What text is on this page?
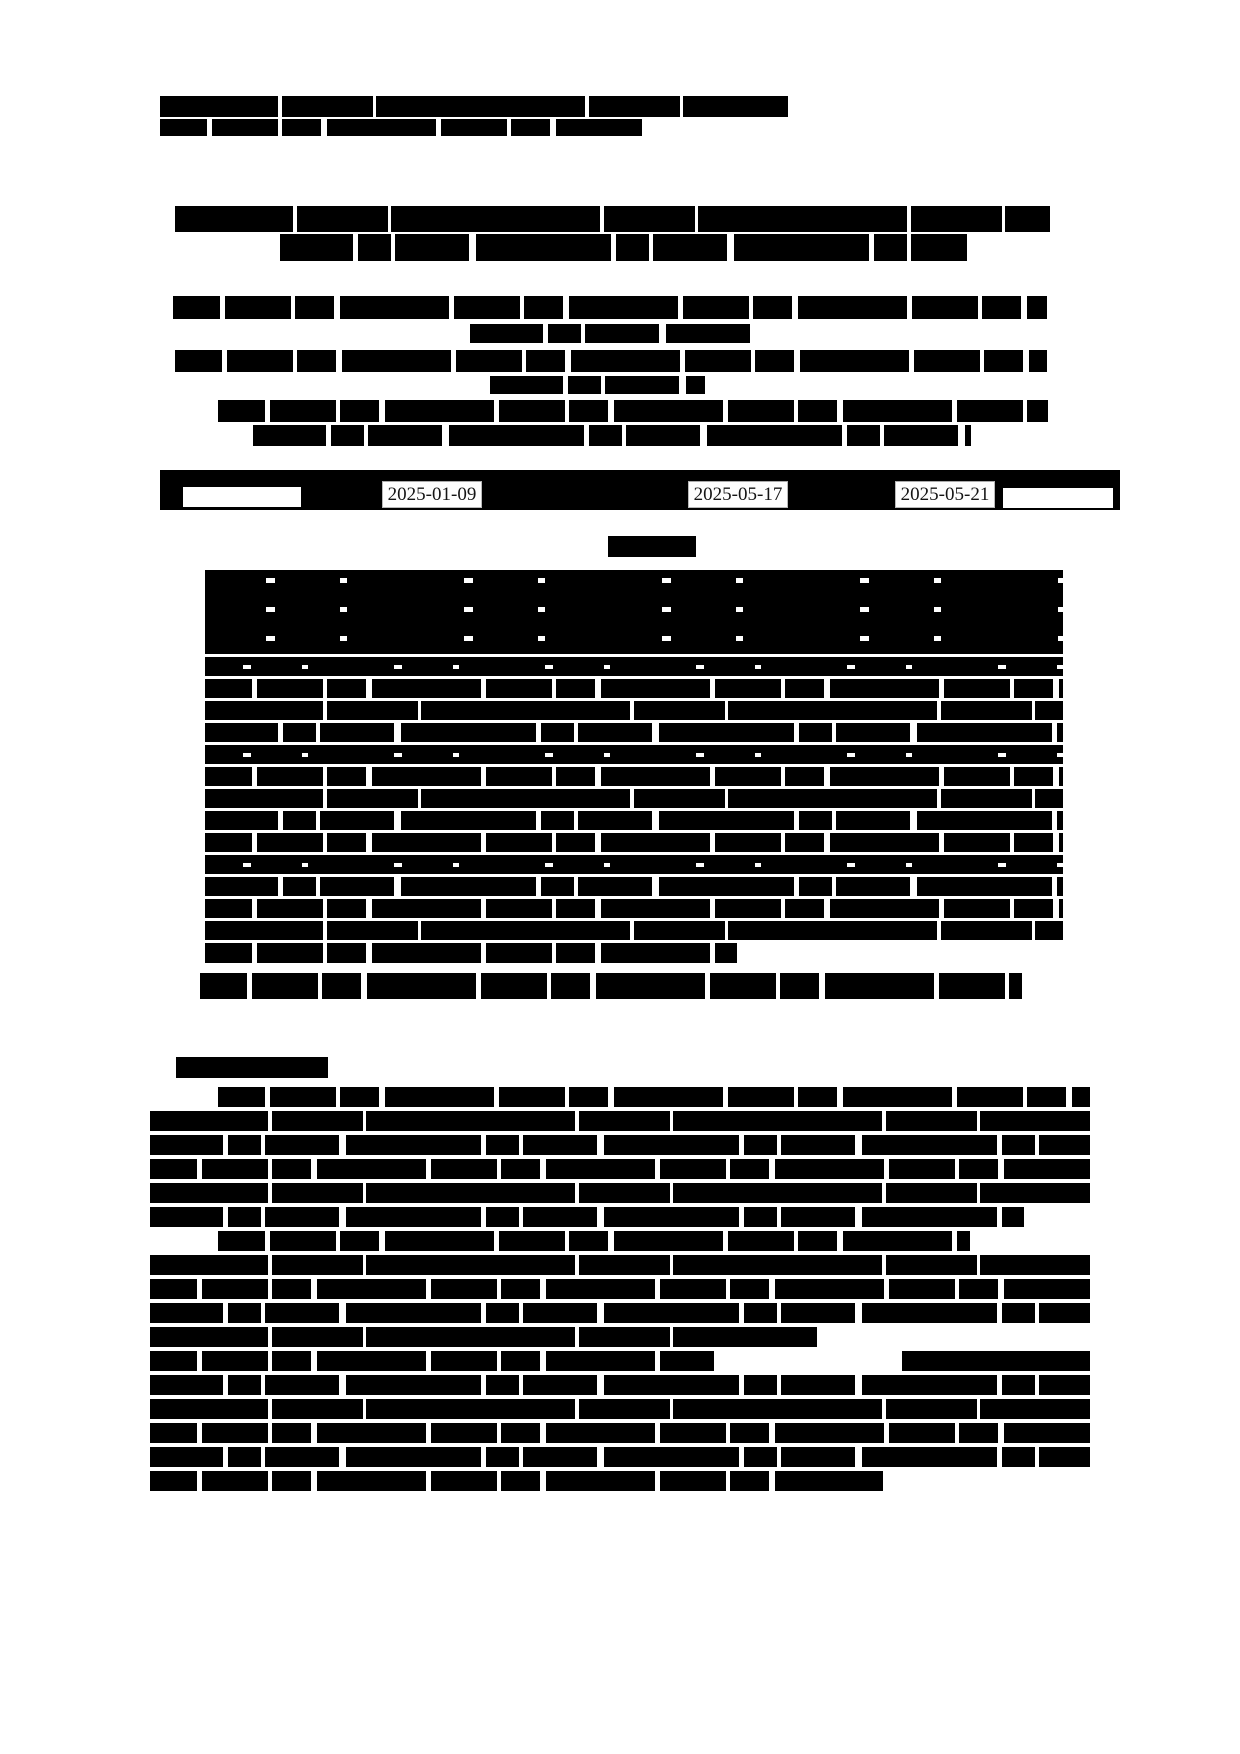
2025-01-09	2025-05-17	2025-05-21
